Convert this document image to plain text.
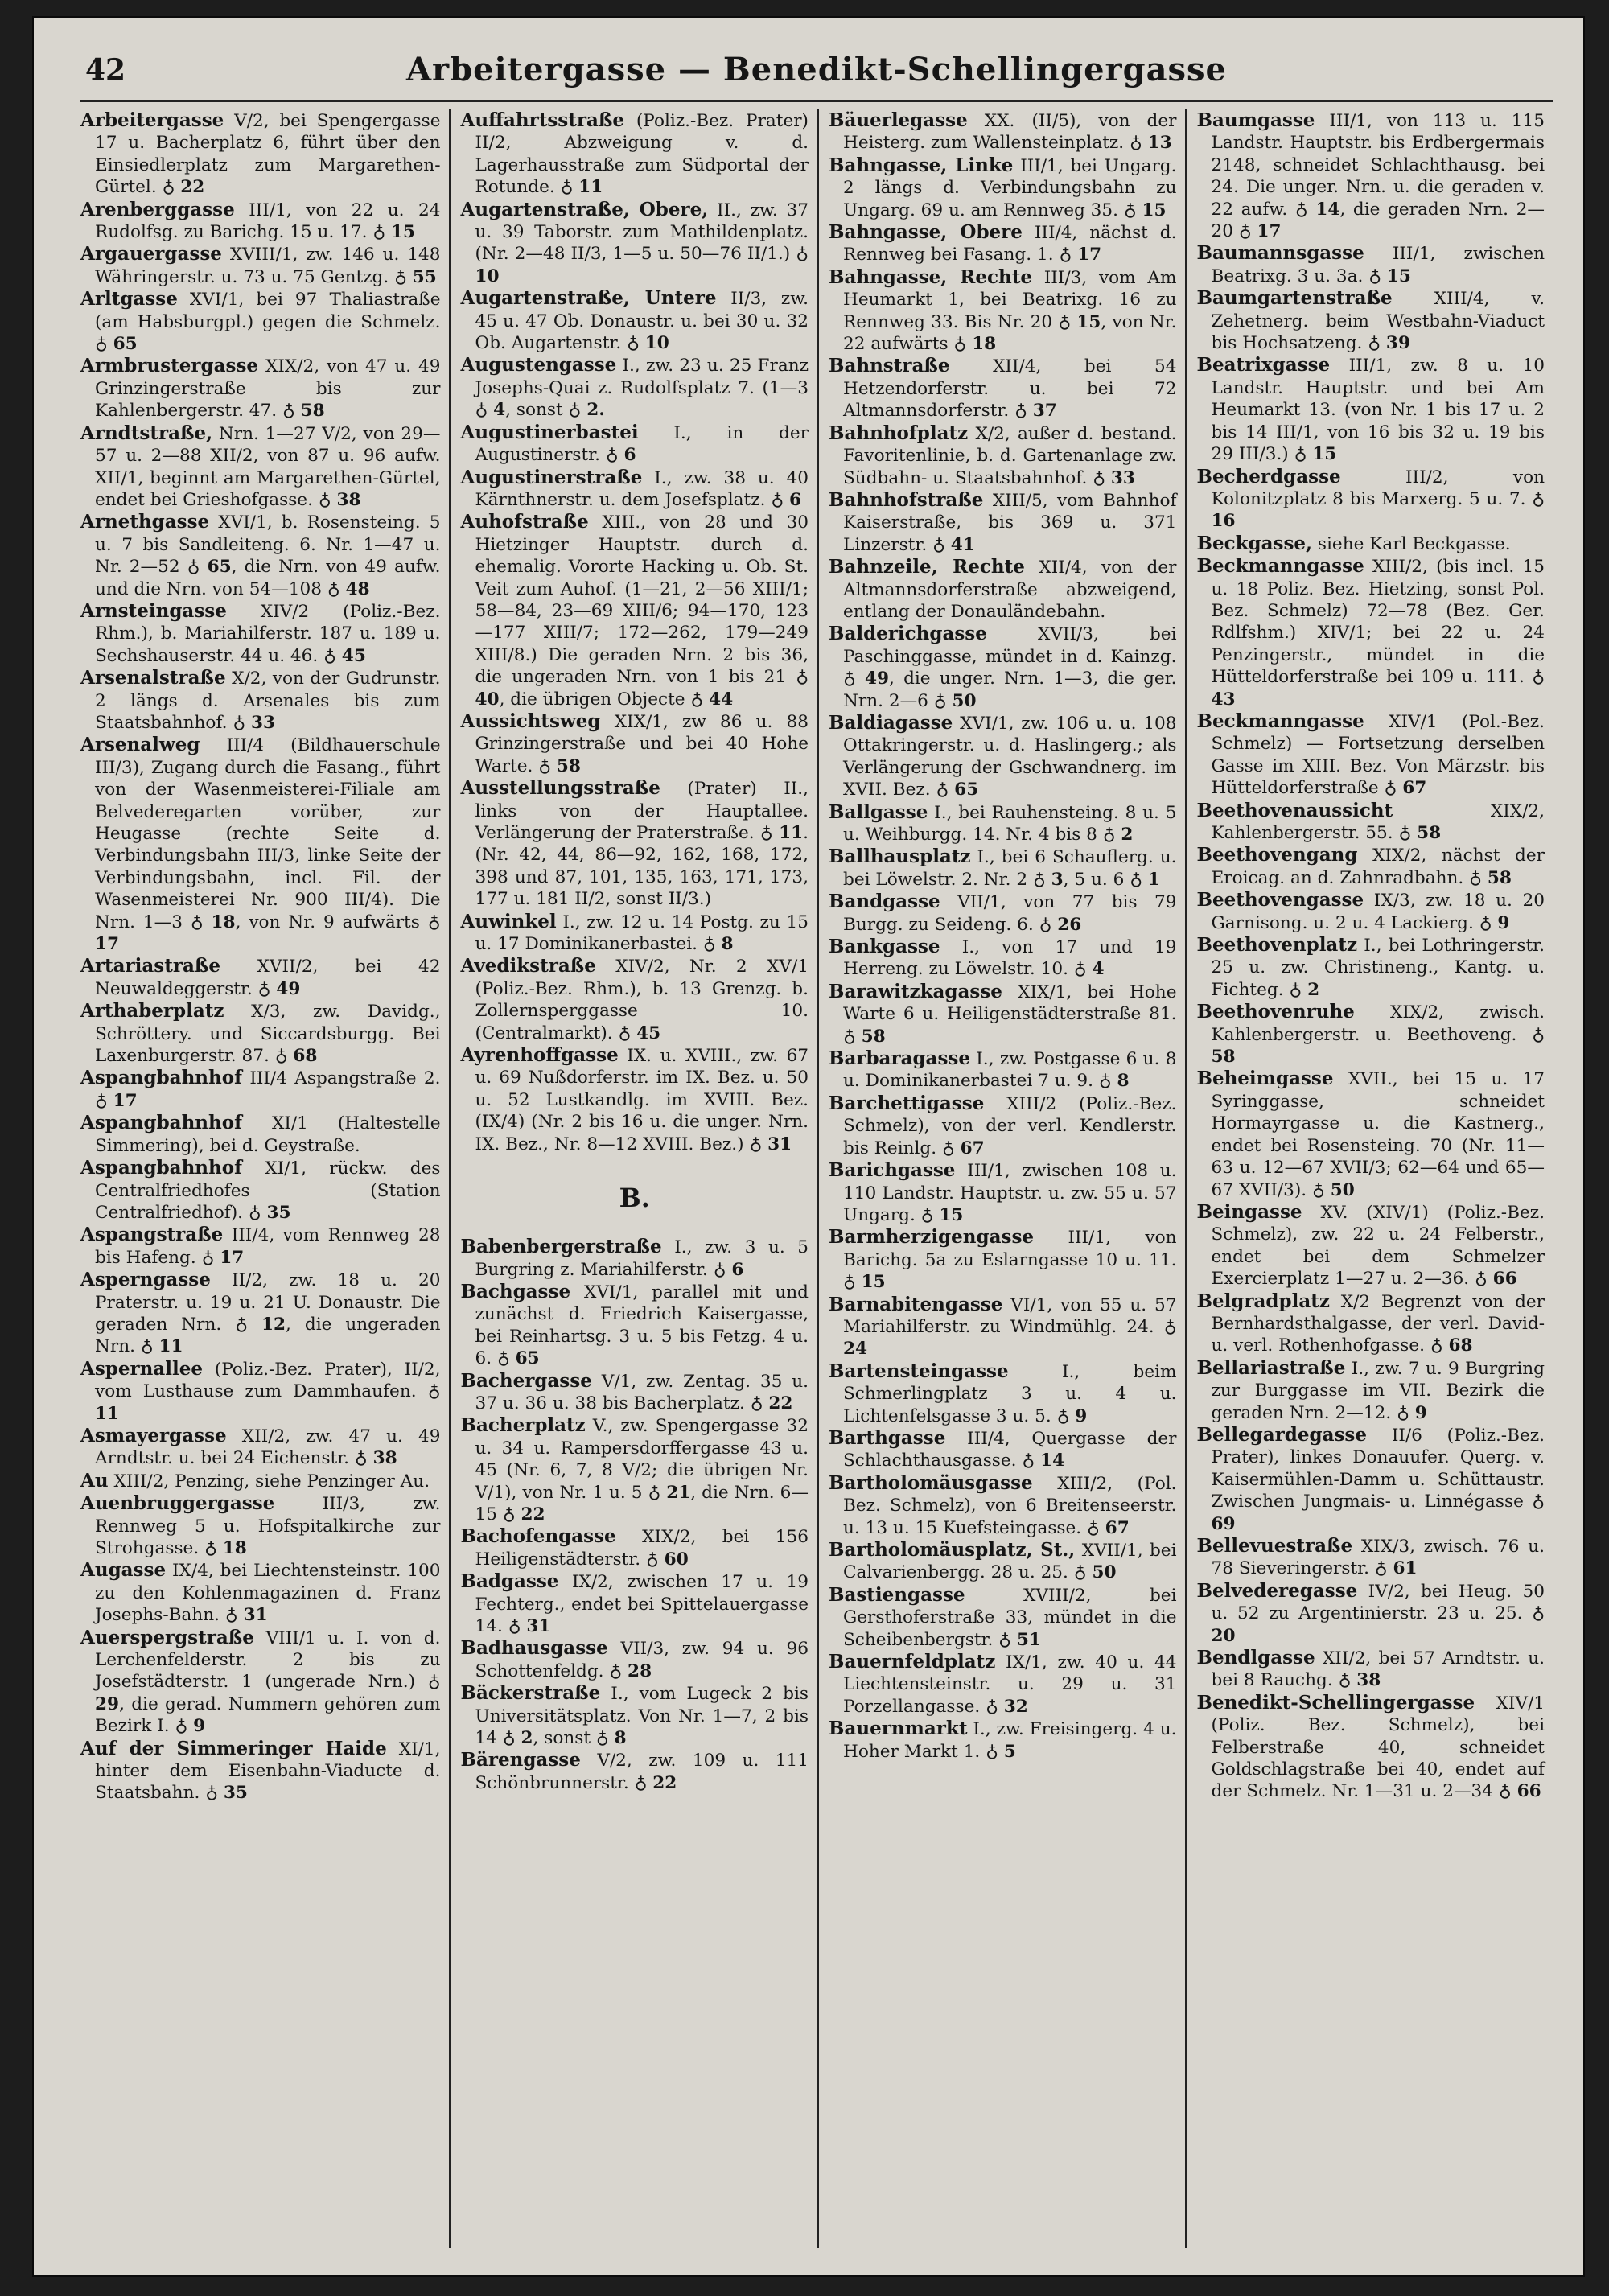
42	Arbeitergasse — Benedikt-Schellingergasse

Arbeitergasse V/2, bei Spengergasse 17 u. Bacherplatz 6, führt über den Einsiedlerplatz zum Margarethen-Gürtel. ♁ 22

Arenberggasse III/1, von 22 u. 24 Rudolfsg. zu Barichg. 15 u. 17. ♁ 15

Argauergasse XVIII/1, zw. 146 u. 148 Währingerstr. u. 73 u. 75 Gentzg. ♁ 55

Arltgasse XVI/1, bei 97 Thaliastraße (am Habsburgpl.) gegen die Schmelz. ♁ 65

Armbrustergasse XIX/2, von 47 u. 49 Grinzingerstraße bis zur Kahlenbergerstr. 47. ♁ 58

Arndtstraße, Nrn. 1—27 V/2, von 29—57 u. 2—88 XII/2, von 87 u. 96 aufw. XII/1, beginnt am Margarethen-Gürtel, endet bei Grieshofgasse. ♁ 38

Arnethgasse XVI/1, b. Rosensteing. 5 u. 7 bis Sandleiteng. 6. Nr. 1—47 u. Nr. 2—52 ♁ 65, die Nrn. von 49 aufw. und die Nrn. von 54—108 ♁ 48

Arnsteingasse XIV/2 (Poliz.-Bez. Rhm.), b. Mariahilferstr. 187 u. 189 u. Sechshauserstr. 44 u. 46. ♁ 45

Arsenalstraße X/2, von der Gudrunstr. 2 längs d. Arsenales bis zum Staatsbahnhof. ♁ 33

Arsenalweg III/4 (Bildhauerschule III/3), Zugang durch die Fasang., führt von der Wasenmeisterei-Filiale am Belvederegarten vorüber, zur Heugasse (rechte Seite d. Verbindungsbahn III/3, linke Seite der Verbindungsbahn, incl. Fil. der Wasenmeisterei Nr. 900 III/4). Die Nrn. 1—3 ♁ 18, von Nr. 9 aufwärts ♁ 17

Artariastraße XVII/2, bei 42 Neuwaldeggerstr. ♁ 49

Arthaberplatz X/3, zw. Davidg., Schröttery. und Siccardsburgg. Bei Laxenburgerstr. 87. ♁ 68

Aspangbahnhof III/4 Aspangstraße 2. ♁ 17

Aspangbahnhof XI/1 (Haltestelle Simmering), bei d. Geystraße.

Aspangbahnhof XI/1, rückw. des Centralfriedhofes (Station Centralfriedhof). ♁ 35

Aspangstraße III/4, vom Rennweg 28 bis Hafeng. ♁ 17

Asperngasse II/2, zw. 18 u. 20 Praterstr. u. 19 u. 21 U. Donaustr. Die geraden Nrn. ♁ 12, die ungeraden Nrn. ♁ 11

Aspernallee (Poliz.-Bez. Prater), II/2, vom Lusthause zum Dammhaufen. ♁ 11

Asmayergasse XII/2, zw. 47 u. 49 Arndtstr. u. bei 24 Eichenstr. ♁ 38

Au XIII/2, Penzing, siehe Penzinger Au.

Auenbruggergasse	III/3, zw. Rennweg 5 u. Hofspitalkirche zur Strohgasse. ♁ 18

Augasse IX/4, bei Liechtensteinstr. 100 zu den Kohlenmagazinen d. Franz Josephs-Bahn. ♁ 31

Auerspergstraße VIII/1 u. I. von d. Lerchenfelderstr. 2 bis zu Josefstädterstr. 1 (ungerade Nrn.) ♁ 29, die gerad. Nummern gehören zum Bezirk I. ♁ 9

Auf der Simmeringer Haide XI/1, hinter dem Eisenbahn-Viaducte d. Staatsbahn. ♁ 35

Auffahrtsstraße (Poliz.-Bez. Prater) II/2, Abzweigung v. d. Lagerhausstraße zum Südportal der Rotunde. ♁ 11

Augartenstraße, Obere, II., zw. 37 u. 39 Taborstr. zum Mathildenplatz. (Nr. 2—48 II/3, 1—5 u. 50—76 II/1.) ♁ 10

Augartenstraße, Untere II/3, zw. 45 u. 47 Ob. Donaustr. u. bei 30 u. 32 Ob. Augartenstr. ♁ 10

Augustengasse I., zw. 23 u. 25 Franz Josephs-Quai z. Rudolfsplatz 7. (1—3 ♁ 4, sonst ♁ 2.

Augustinerbastei I., in der Augustinerstr. ♁ 6

Augustinerstraße I., zw. 38 u. 40 Kärnthnerstr. u. dem Josefsplatz. ♁ 6

Auhofstraße XIII., von 28 und 30 Hietzinger Hauptstr. durch d. ehemalig. Vororte Hacking u. Ob. St. Veit zum Auhof. (1—21, 2—56 XIII/1; 58—84, 23—69 XIII/6; 94—170, 123—177 XIII/7; 172—262, 179—249 XIII/8.) Die geraden Nrn. 2 bis 36, die ungeraden Nrn. von 1 bis 21 ♁ 40, die übrigen Objecte ♁ 44

Aussichtsweg XIX/1, zw 86 u. 88 Grinzingerstraße und bei 40 Hohe Warte. ♁ 58

Ausstellungsstraße (Prater) II., links von der Hauptallee. Verlängerung der Praterstraße. ♁ 11. (Nr. 42, 44, 86—92, 162, 168, 172, 398 und 87, 101, 135, 163, 171, 173, 177 u. 181 II/2, sonst II/3.)

Auwinkel I., zw. 12 u. 14 Postg. zu 15 u. 17 Dominikanerbastei. ♁ 8

Avedikstraße XIV/2, Nr. 2 XV/1 (Poliz.-Bez. Rhm.), b. 13 Grenzg. b. Zollernsperggasse 10. (Centralmarkt). ♁ 45

Ayrenhoffgasse IX. u. XVIII., zw. 67 u. 69 Nußdorferstr. im IX. Bez. u. 50 u. 52 Lustkandlg. im XVIII. Bez. (IX/4) (Nr. 2 bis 16 u. die unger. Nrn. IX. Bez., Nr. 8—12 XVIII. Bez.) ♁ 31

B.

Babenbergerstraße I., zw. 3 u. 5 Burgring z. Mariahilferstr. ♁ 6

Bachgasse XVI/1, parallel mit und zunächst d. Friedrich Kaisergasse, bei Reinhartsg. 3 u. 5 bis Fetzg. 4 u. 6. ♁ 65

Bachergasse V/1, zw. Zentag. 35 u. 37 u. 36 u. 38 bis Bacherplatz. ♁ 22

Bacherplatz V., zw. Spengergasse 32 u. 34 u. Rampersdorffergasse 43 u. 45 (Nr. 6, 7, 8 V/2; die übrigen Nr. V/1), von Nr. 1 u. 5 ♁ 21, die Nrn. 6—15 ♁ 22

Bachofengasse XIX/2, bei 156 Heiligenstädterstr. ♁ 60

Badgasse IX/2, zwischen 17 u. 19 Fechterg., endet bei Spittelauergasse 14. ♁ 31

Badhausgasse VII/3, zw. 94 u. 96 Schottenfeldg. ♁ 28

Bäckerstraße I., vom Lugeck 2 bis Universitätsplatz. Von Nr. 1—7, 2 bis 14 ♁ 2, sonst ♁ 8

Bärengasse V/2, zw. 109 u. 111 Schönbrunnerstr. ♁ 22

Bäuerlegasse XX. (II/5), von der Heisterg. zum Wallensteinplatz. ♁ 13

Bahngasse, Linke III/1, bei Ungarg. 2 längs d. Verbindungsbahn zu Ungarg. 69 u. am Rennweg 35. ♁ 15

Bahngasse, Obere III/4, nächst d. Rennweg bei Fasang. 1. ♁ 17

Bahngasse, Rechte III/3, vom Am Heumarkt 1, bei Beatrixg. 16 zu Rennweg 33. Bis Nr. 20 ♁ 15, von Nr. 22 aufwärts ♁ 18

Bahnstraße XII/4, bei 54 Hetzendorferstr. u. bei 72 Altmannsdorferstr. ♁ 37

Bahnhofplatz X/2, außer d. bestand. Favoritenlinie, b. d. Gartenanlage zw. Südbahn- u. Staatsbahnhof. ♁ 33

Bahnhofstraße XIII/5, vom Bahnhof Kaiserstraße, bis 369 u. 371 Linzerstr. ♁ 41

Bahnzeile, Rechte XII/4, von der Altmannsdorferstraße abzweigend, entlang der Donauländebahn.

Balderichgasse	XVII/3, bei Paschinggasse, mündet in d. Kainzg. ♁ 49, die unger. Nrn. 1—3, die ger. Nrn. 2—6 ♁ 50

Baldiagasse XVI/1, zw. 106 u. u. 108 Ottakringerstr. u. d. Haslingerg.; als Verlängerung der Gschwandnerg. im XVII. Bez. ♁ 65

Ballgasse I., bei Rauhensteing. 8 u. 5 u. Weihburgg. 14. Nr. 4 bis 8 ♁ 2

Ballhausplatz I., bei 6 Schauflerg. u. bei Löwelstr. 2. Nr. 2 ♁ 3, 5 u. 6 ♁ 1

Bandgasse VII/1, von 77 bis 79 Burgg. zu Seideng. 6. ♁ 26

Bankgasse I., von 17 und 19 Herreng. zu Löwelstr. 10. ♁ 4

Barawitzkagasse XIX/1, bei Hohe Warte 6 u. Heiligenstädterstraße 81. ♁ 58

Barbaragasse I., zw. Postgasse 6 u. 8 u. Dominikanerbastei 7 u. 9. ♁ 8

Barchettigasse XIII/2 (Poliz.-Bez. Schmelz), von der verl. Kendlerstr. bis Reinlg. ♁ 67

Barichgasse III/1, zwischen 108 u. 110 Landstr. Hauptstr. u. zw. 55 u. 57 Ungarg. ♁ 15

Barmherzigengasse III/1, von Barichg. 5a zu Eslarngasse 10 u. 11. ♁ 15

Barnabitengasse VI/1, von 55 u. 57 Mariahilferstr. zu Windmühlg. 24. ♁ 24

Bartensteingasse	I., beim Schmerlingplatz 3 u. 4 u. Lichtenfelsgasse 3 u. 5. ♁ 9

Barthgasse III/4, Quergasse der Schlachthausgasse. ♁ 14

Bartholomäusgasse XIII/2, (Pol. Bez. Schmelz), von 6 Breitenseerstr. u. 13 u. 15 Kuefsteingasse. ♁ 67

Bartholomäusplatz, St., XVII/1, bei Calvarienbergg. 28 u. 25. ♁ 50

Bastiengasse	XVIII/2, bei Gersthoferstraße 33, mündet in die Scheibenbergstr. ♁ 51

Bauernfeldplatz IX/1, zw. 40 u. 44 Liechtensteinstr. u. 29 u. 31 Porzellangasse. ♁ 32

Bauernmarkt I., zw. Freisingerg. 4 u. Hoher Markt 1. ♁ 5

Baumgasse III/1, von 113 u. 115 Landstr. Hauptstr. bis Erdbergermais 2148, schneidet Schlachthausg. bei 24. Die unger. Nrn. u. die geraden v. 22 aufw. ♁ 14, die geraden Nrn. 2—20 ♁ 17

Baumannsgasse III/1, zwischen Beatrixg. 3 u. 3a. ♁ 15

Baumgartenstraße XIII/4, v. Zehetnerg. beim Westbahn-Viaduct bis Hochsatzeng. ♁ 39

Beatrixgasse III/1, zw. 8 u. 10 Landstr. Hauptstr. und bei Am Heumarkt 13. (von Nr. 1 bis 17 u. 2 bis 14 III/1, von 16 bis 32 u. 19 bis 29 III/3.) ♁ 15

Becherdgasse	III/2, von Kolonitzplatz 8 bis Marxerg. 5 u. 7. ♁ 16

Beckgasse, siehe Karl Beckgasse.

Beckmanngasse XIII/2, (bis incl. 15 u. 18 Poliz. Bez. Hietzing, sonst Pol. Bez. Schmelz) 72—78 (Bez. Ger. Rdlfshm.) XIV/1; bei 22 u. 24 Penzingerstr., mündet in die Hütteldorferstraße bei 109 u. 111. ♁ 43

Beckmanngasse XIV/1 (Pol.-Bez. Schmelz) — Fortsetzung derselben Gasse im XIII. Bez. Von Märzstr. bis Hütteldorferstraße ♁ 67

Beethovenaussicht	XIX/2, Kahlenbergerstr. 55. ♁ 58

Beethovengang XIX/2, nächst der Eroicag. an d. Zahnradbahn. ♁ 58

Beethovengasse IX/3, zw. 18 u. 20 Garnisong. u. 2 u. 4 Lackierg. ♁ 9

Beethovenplatz I., bei Lothringerstr. 25 u. zw. Christineng., Kantg. u. Fichteg. ♁ 2

Beethovenruhe XIX/2, zwisch. Kahlenbergerstr. u. Beethoveng. ♁ 58

Beheimgasse XVII., bei 15 u. 17 Syringgasse, schneidet Hormayrgasse u. die Kastnerg., endet bei Rosensteing. 70 (Nr. 11—63 u. 12—67 XVII/3; 62—64 und 65—67 XVII/3). ♁ 50

Beingasse XV. (XIV/1) (Poliz.-Bez. Schmelz), zw. 22 u. 24 Felberstr., endet bei dem Schmelzer Exercierplatz 1—27 u. 2—36. ♁ 66

Belgradplatz X/2 Begrenzt von der Bernhardsthalgasse, der verl. David- u. verl. Rothenhofgasse. ♁ 68

Bellariastraße I., zw. 7 u. 9 Burgring zur Burggasse im VII. Bezirk die geraden Nrn. 2—12. ♁ 9

Bellegardegasse II/6 (Poliz.-Bez. Prater), linkes Donauufer. Querg. v. Kaisermühlen-Damm u. Schüttaustr. Zwischen Jungmais- u. Linnégasse ♁ 69

Bellevuestraße XIX/3, zwisch. 76 u. 78 Sieveringerstr. ♁ 61

Belvederegasse IV/2, bei Heug. 50 u. 52 zu Argentinierstr. 23 u. 25. ♁ 20

Bendlgasse XII/2, bei 57 Arndtstr. u. bei 8 Rauchg. ♁ 38

Benedikt-Schellingergasse XIV/1 (Poliz. Bez. Schmelz), bei Felberstraße 40, schneidet Goldschlagstraße bei 40, endet auf der Schmelz. Nr. 1—31 u. 2—34 ♁ 66
